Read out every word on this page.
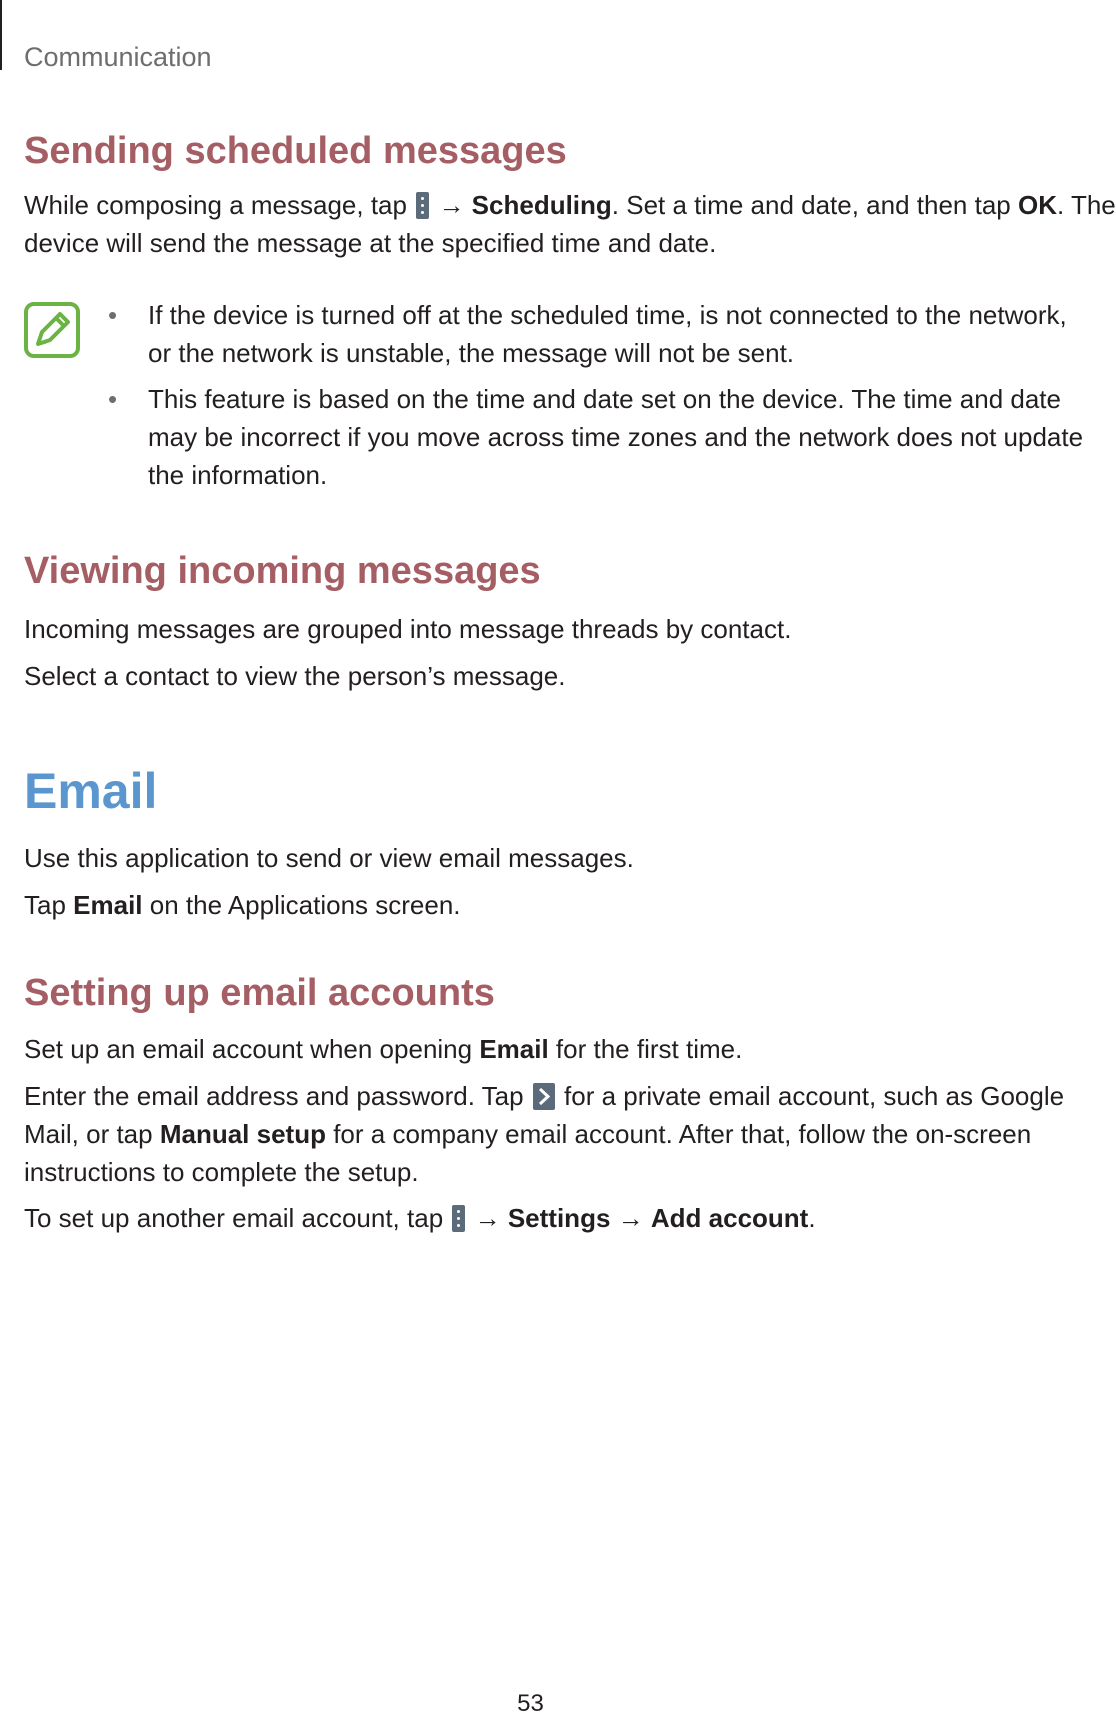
Communication
Sending scheduled messages
While composing a message, tap
→ Scheduling. Set a time and date, and then tap OK. The
device will send the message at the specified time and date.
• If the device is turned off at the scheduled time, is not connected to the network,
or the network is unstable, the message will not be sent.
• This feature is based on the time and date set on the device. The time and date
may be incorrect if you move across time zones and the network does not update
the information.
Viewing incoming messages
Incoming messages are grouped into message threads by contact.
Select a contact to view the person’s message.
Email
Use this application to send or view email messages.
Tap Email on the Applications screen.
Setting up email accounts
Set up an email account when opening Email for the first time.
Enter the email address and password. Tap
for a private email account, such as Google
Mail, or tap Manual setup for a company email account. After that, follow the on-screen
instructions to complete the setup.
To set up another email account, tap
→ Settings → Add account.
53
